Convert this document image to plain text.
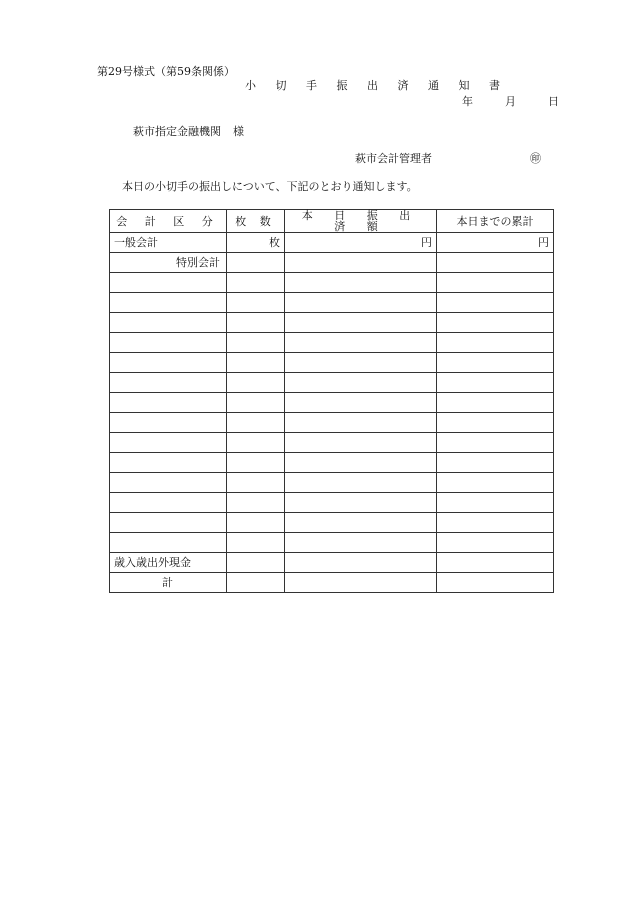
第29号様式（第59条関係）
小 切 手 振 出 済 通 知 書
年	月	日
萩市指定金融機関 様
萩市会計管理者	㊞
本日の小切手の振出しについて、下記のとおり通知します。
会 計 区 分	枚 数	本 日 振 出 済 額	本日までの累計
一般会計	枚	円	円
特別会計			

歳入歳出外現金			
計			
